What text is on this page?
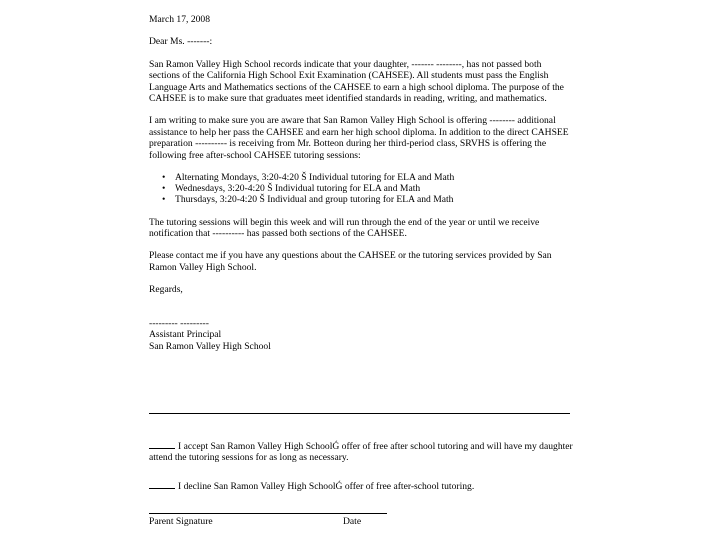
March 17, 2008

Dear Ms. -------:

San Ramon Valley High School records indicate that your daughter, ------- --------, has not passed both sections of the California High School Exit Examination (CAHSEE). All students must pass the English Language Arts and Mathematics sections of the CAHSEE to earn a high school diploma. The purpose of the CAHSEE is to make sure that graduates meet identified standards in reading, writing, and mathematics.

I am writing to make sure you are aware that San Ramon Valley High School is offering -------- additional assistance to help her pass the CAHSEE and earn her high school diploma. In addition to the direct CAHSEE preparation ---------- is receiving from Mr. Botteon during her third-period class, SRVHS is offering the following free after-school CAHSEE tutoring sessions:

• Alternating Mondays, 3:20-4:20 Š Individual tutoring for ELA and Math
• Wednesdays, 3:20-4:20 Š Individual tutoring for ELA and Math
• Thursdays, 3:20-4:20 Š Individual and group tutoring for ELA and Math

The tutoring sessions will begin this week and will run through the end of the year or until we receive notification that ---------- has passed both sections of the CAHSEE.

Please contact me if you have any questions about the CAHSEE or the tutoring services provided by San Ramon Valley High School.

Regards,

--------- ---------

Assistant Principal

San Ramon Valley High School

I accept San Ramon Valley High SchoolǴ offer of free after school tutoring and will have my daughter attend the tutoring sessions for as long as necessary.
I decline San Ramon Valley High SchoolǴ offer of free after-school tutoring.
Parent Signature	Date
